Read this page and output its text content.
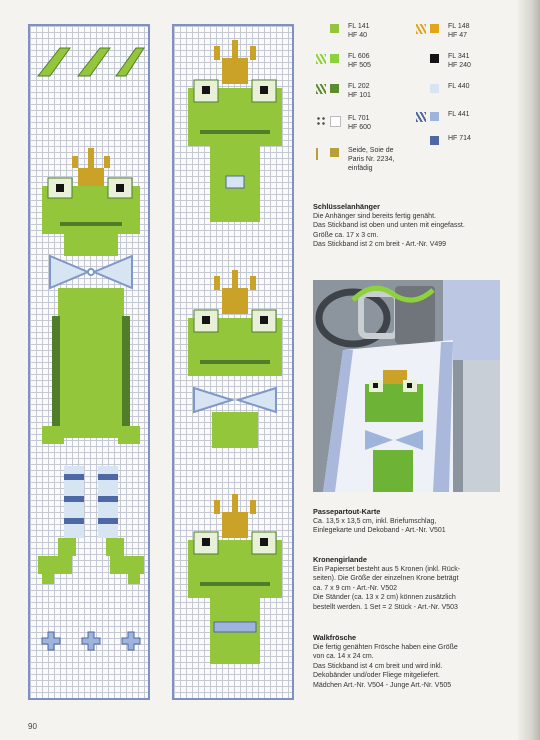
FL 141
HF 40
FL 606
HF 505
FL 202
HF 101
FL 701
HF 600
Seide, Soie de
Paris Nr. 2234,
einfädig
FL 148
HF 47
FL 341
HF 240
FL 440
FL 441
HF 714
Schlüsselanhänger

Die Anhänger sind bereits fertig genäht.

Das Stickband ist oben und unten mit eingefasst.

Größe ca. 17 x 3 cm.

Das Stickband ist 2 cm breit - Art.-Nr. V499

Passepartout-Karte

Ca. 13,5 x 13,5 cm, inkl. Briefumschlag,

Einlegekarte und Dekoband - Art.-Nr. V501

Kronengirlande

Ein Papierset besteht aus 5 Kronen (inkl. Rück-

seiten). Die Größe der einzelnen Krone beträgt

ca. 7 x 9 cm - Art.-Nr. V502

Die Ständer (ca. 13 x 2 cm) können zusätzlich

bestellt werden. 1 Set = 2 Stück - Art.-Nr. V503

Walkfrösche

Die fertig genähten Frösche haben eine Größe

von ca. 14 x 24 cm.

Das Stickband ist 4 cm breit und wird inkl.

Dekobänder und/oder Fliege mitgeliefert.

Mädchen Art.-Nr. V504 - Junge Art.-Nr. V505

90
